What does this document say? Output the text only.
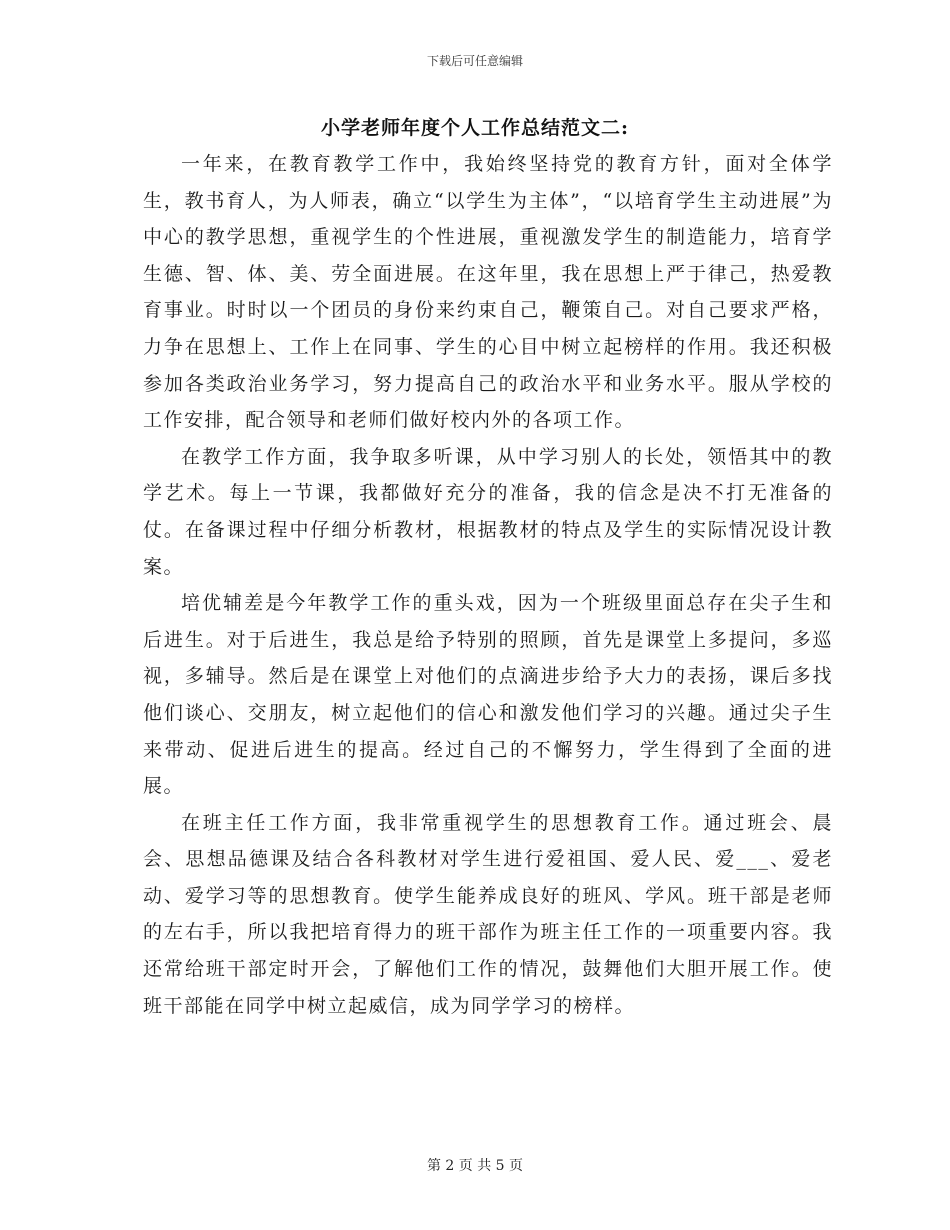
下载后可任意编辑
小学老师年度个人工作总结范文二:

一年来，在教育教学工作中，我始终坚持党的教育方针，面对全体学生，教书育人，为人师表，确立“以学生为主体”，“以培育学生主动进展”为中心的教学思想，重视学生的个性进展，重视激发学生的制造能力，培育学生德、智、体、美、劳全面进展。在这年里，我在思想上严于律己，热爱教育事业。时时以一个团员的身份来约束自己，鞭策自己。对自己要求严格，力争在思想上、工作上在同事、学生的心目中树立起榜样的作用。我还积极参加各类政治业务学习，努力提高自己的政治水平和业务水平。服从学校的工作安排，配合领导和老师们做好校内外的各项工作。

在教学工作方面，我争取多听课，从中学习别人的长处，领悟其中的教学艺术。每上一节课，我都做好充分的准备，我的信念是决不打无准备的仗。在备课过程中仔细分析教材，根据教材的特点及学生的实际情况设计教案。

培优辅差是今年教学工作的重头戏，因为一个班级里面总存在尖子生和后进生。对于后进生，我总是给予特别的照顾，首先是课堂上多提问，多巡视，多辅导。然后是在课堂上对他们的点滴进步给予大力的表扬，课后多找他们谈心、交朋友，树立起他们的信心和激发他们学习的兴趣。通过尖子生来带动、促进后进生的提高。经过自己的不懈努力，学生得到了全面的进展。

在班主任工作方面，我非常重视学生的思想教育工作。通过班会、晨会、思想品德课及结合各科教材对学生进行爱祖国、爱人民、爱___、爱老动、爱学习等的思想教育。使学生能养成良好的班风、学风。班干部是老师的左右手，所以我把培育得力的班干部作为班主任工作的一项重要内容。我还常给班干部定时开会，了解他们工作的情况，鼓舞他们大胆开展工作。使班干部能在同学中树立起威信，成为同学学习的榜样。

第 2 页 共 5 页
